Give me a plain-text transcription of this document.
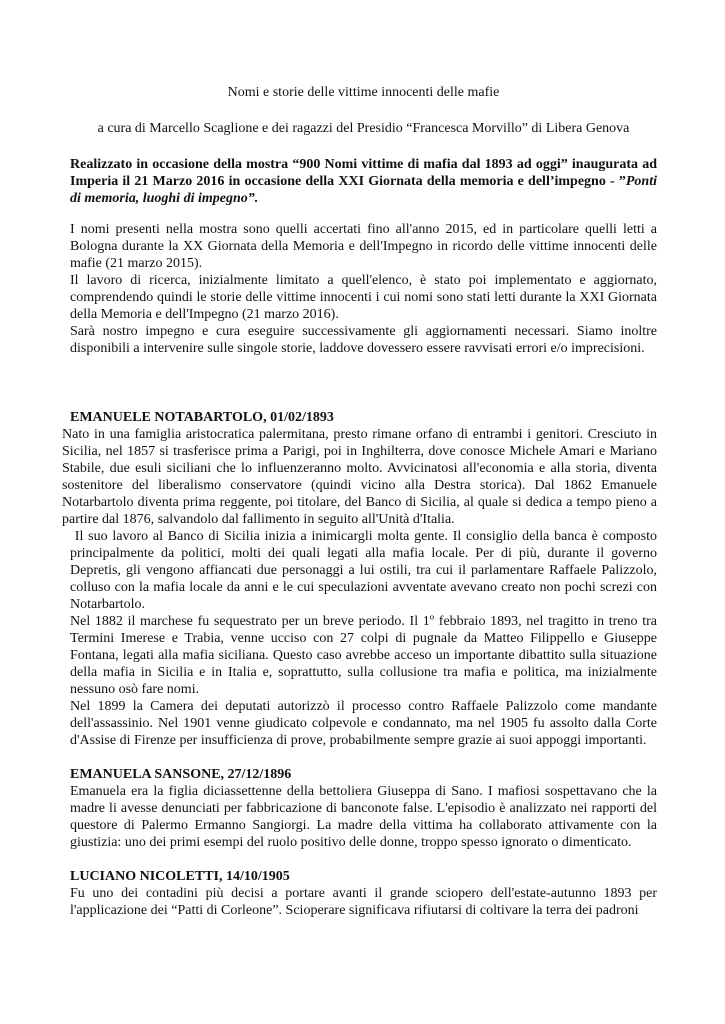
Nomi e storie delle vittime innocenti delle mafie

a cura di Marcello Scaglione e dei ragazzi del Presidio “Francesca Morvillo” di Libera Genova

Realizzato in occasione della mostra “900 Nomi vittime di mafia dal 1893 ad oggi” inaugurata ad Imperia il 21 Marzo 2016 in occasione della XXI Giornata della memoria e dell’impegno - ”Ponti di memoria, luoghi di impegno”.

I nomi presenti nella mostra sono quelli accertati fino all'anno 2015, ed in particolare quelli letti a Bologna durante la XX Giornata della Memoria e dell'Impegno in ricordo delle vittime innocenti delle mafie (21 marzo 2015).

Il lavoro di ricerca, inizialmente limitato a quell'elenco, è stato poi implementato e aggiornato, comprendendo quindi le storie delle vittime innocenti i cui nomi sono stati letti durante la XXI Giornata della Memoria e dell'Impegno (21 marzo 2016).

Sarà nostro impegno e cura eseguire successivamente gli aggiornamenti necessari. Siamo inoltre disponibili a intervenire sulle singole storie, laddove dovessero essere ravvisati errori e/o imprecisioni.

EMANUELE NOTABARTOLO, 01/02/1893

Nato in una famiglia aristocratica palermitana, presto rimane orfano di entrambi i genitori. Cresciuto in Sicilia, nel 1857 si trasferisce prima a Parigi, poi in Inghilterra, dove conosce Michele Amari e Mariano Stabile, due esuli siciliani che lo influenzeranno molto. Avvicinatosi all'economia e alla storia, diventa sostenitore del liberalismo conservatore (quindi vicino alla Destra storica). Dal 1862 Emanuele Notarbartolo diventa prima reggente, poi titolare, del Banco di Sicilia, al quale si dedica a tempo pieno a partire dal 1876, salvandolo dal fallimento in seguito all'Unità d'Italia.

Il suo lavoro al Banco di Sicilia inizia a inimicargli molta gente. Il consiglio della banca è composto principalmente da politici, molti dei quali legati alla mafia locale. Per di più, durante il governo Depretis, gli vengono affiancati due personaggi a lui ostili, tra cui il parlamentare Raffaele Palizzolo, colluso con la mafia locale da anni e le cui speculazioni avventate avevano creato non pochi screzi con Notarbartolo.

Nel 1882 il marchese fu sequestrato per un breve periodo. Il 1º febbraio 1893, nel tragitto in treno tra Termini Imerese e Trabia, venne ucciso con 27 colpi di pugnale da Matteo Filippello e Giuseppe Fontana, legati alla mafia siciliana. Questo caso avrebbe acceso un importante dibattito sulla situazione della mafia in Sicilia e in Italia e, soprattutto, sulla collusione tra mafia e politica, ma inizialmente nessuno osò fare nomi.

Nel 1899 la Camera dei deputati autorizzò il processo contro Raffaele Palizzolo come mandante dell'assassinio. Nel 1901 venne giudicato colpevole e condannato, ma nel 1905 fu assolto dalla Corte d'Assise di Firenze per insufficienza di prove, probabilmente sempre grazie ai suoi appoggi importanti.

EMANUELA SANSONE, 27/12/1896

Emanuela era la figlia diciassettenne della bettoliera Giuseppa di Sano. I mafiosi sospettavano che la madre li avesse denunciati per fabbricazione di banconote false. L'episodio è analizzato nei rapporti del questore di Palermo Ermanno Sangiorgi. La madre della vittima ha collaborato attivamente con la giustizia: uno dei primi esempi del ruolo positivo delle donne, troppo spesso ignorato o dimenticato.

LUCIANO NICOLETTI, 14/10/1905

Fu uno dei contadini più decisi a portare avanti il grande sciopero dell'estate-autunno 1893 per l'applicazione dei “Patti di Corleone”. Scioperare significava rifiutarsi di coltivare la terra dei padroni
